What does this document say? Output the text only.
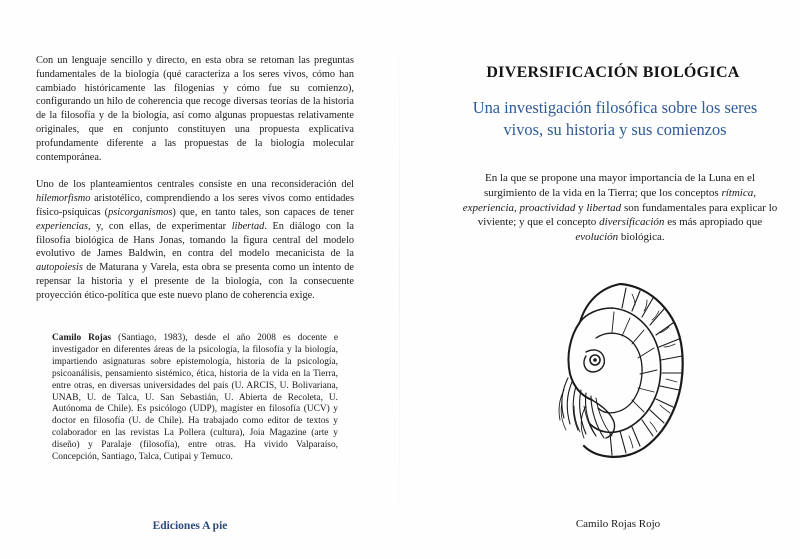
Con un lenguaje sencillo y directo, en esta obra se retoman las preguntas fundamentales de la biología (qué caracteriza a los seres vivos, cómo han cambiado históricamente las filogenias y cómo fue su comienzo), configurando un hilo de coherencia que recoge diversas teorías de la historia de la filosofía y de la biología, así como algunas propuestas relativamente originales, que en conjunto constituyen una propuesta explicativa profundamente diferente a las propuestas de la biología molecular contemporánea.

Uno de los planteamientos centrales consiste en una reconsideración del hilemorfismo aristotélico, comprendiendo a los seres vivos como entidades físico-psíquicas (psicorganismos) que, en tanto tales, son capaces de tener experiencias, y, con ellas, de experimentar libertad. En diálogo con la filosofía biológica de Hans Jonas, tomando la figura central del modelo evolutivo de James Baldwin, en contra del modelo mecanicista de la autopoiesis de Maturana y Varela, esta obra se presenta como un intento de repensar la historia y el presente de la biología, con la consecuente proyección ético-política que este nuevo plano de coherencia exige.

Camilo Rojas (Santiago, 1983), desde el año 2008 es docente e investigador en diferentes áreas de la psicología, la filosofía y la biología, impartiendo asignaturas sobre epistemología, historia de la psicología, psicoanálisis, pensamiento sistémico, ética, historia de la vida en la Tierra, entre otras, en diversas universidades del país (U. ARCIS, U. Bolivariana, UNAB, U. de Talca, U. San Sebastián, U. Abierta de Recoleta, U. Autónoma de Chile). Es psicólogo (UDP), magíster en filosofía (UCV) y doctor en filosofía (U. de Chile). Ha trabajado como editor de textos y colaborador en las revistas La Pollera (cultura), Joia Magazine (arte y diseño) y Paralaje (filosofía), entre otras. Ha vivido Valparaíso, Concepción, Santiago, Talca, Cutipai y Temuco.

Ediciones A pie
DIVERSIFICACIÓN BIOLÓGICA

Una investigación filosófica sobre los seres vivos, su historia y sus comienzos

En la que se propone una mayor importancia de la Luna en el surgimiento de la vida en la Tierra; que los conceptos rítmica, experiencia, proactividad y libertad son fundamentales para explicar lo viviente; y que el concepto diversificación es más apropiado que evolución biológica.

Camilo Rojas Rojo
